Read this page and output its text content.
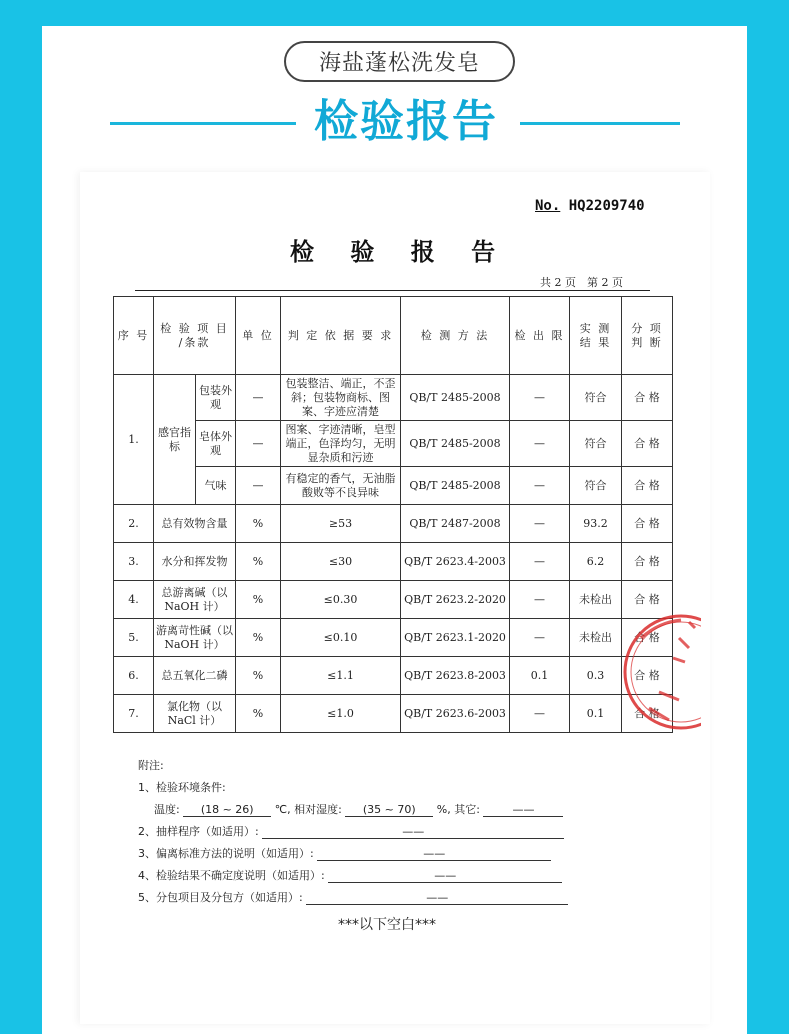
海盐蓬松洗发皂
检验报告
No. HQ2209740
检 验 报 告
共 2 页　第 2 页
序 号	检 验 项 目 /条款		单 位	判 定 依 据 要 求	检 测 方 法	检 出 限	实 测 结 果	分 项 判 断
1.	感官指标	包装外观	—	包装整洁、端正，不歪斜；包装物商标、图案、字迹应清楚	QB/T 2485-2008	—	符合	合 格
		皂体外观	—	图案、字迹清晰，皂型端正，色泽均匀，无明显杂质和污迹	QB/T 2485-2008	—	符合	合 格
		气味	—	有稳定的香气，无油脂酸败等不良异味	QB/T 2485-2008	—	符合	合 格
2.	总有效物含量		%	≥53	QB/T 2487-2008	—	93.2	合 格
3.	水分和挥发物		%	≤30	QB/T 2623.4-2003	—	6.2	合 格
4.	总游离碱（以 NaOH 计）		%	≤0.30	QB/T 2623.2-2020	—	未检出	合 格
5.	游离苛性碱（以 NaOH 计）		%	≤0.10	QB/T 2623.1-2020	—	未检出	合 格
6.	总五氧化二磷		%	≤1.1	QB/T 2623.8-2003	0.1	0.3	合 格
7.	氯化物（以 NaCl 计）		%	≤1.0	QB/T 2623.6-2003	—	0.1	合 格
附注:
1、检验环境条件:
温度: (18 ~ 26) ℃, 相对湿度: (35 ~ 70) %, 其它:	——
2、抽样程序（如适用）:	——
3、偏离标准方法的说明（如适用）:	——
4、检验结果不确定度说明（如适用）:	——
5、分包项目及分包方（如适用）:	——
***以下空白***
